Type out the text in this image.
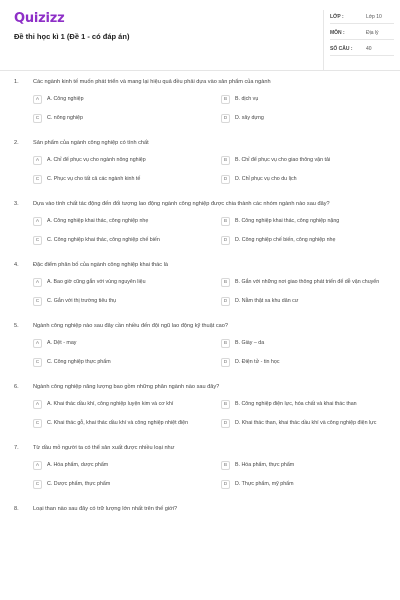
Quizizz
Đề thi học kì 1 (Đề 1 - có đáp án)
LỚP :	Lớp 10
MÔN :	Địa lý
SỐ CÂU :	40
1.	Các ngành kinh tế muốn phát triển và mang lại hiệu quả đều phải dựa vào sản phẩm của ngành
A	A. Công nghiệp	B	B. dịch vụ
C	C. nông nghiệp	D	D. xây dựng
2.	Sản phẩm của ngành công nghiệp có tính chất
A	A. Chỉ để phục vụ cho ngành nông nghiệp	B	B. Chỉ để phục vụ cho giao thông vận tải
C	C. Phục vụ cho tất cả các ngành kinh tế	D	D. Chỉ phục vụ cho du lịch
3.	Dựa vào tính chất tác động đến đối tượng lao động ngành công nghiệp được chia thành các nhóm ngành nào sau đây?
A	A. Công nghiệp khai thác, công nghiệp nhẹ	B	B. Công nghiệp khai thác, công nghiệp nặng
C	C. Công nghiệp khai thác, công nghiệp chế biến	D	D. Công nghiệp chế biến, công nghiệp nhẹ
4.	Đặc điểm phân bố của ngành công nghiệp khai thác là
A	A. Bao giờ cũng gắn với vùng nguyên liệu	B	B. Gắn với những nơi giao thông phát triển để dễ vận chuyển
C	C. Gắn với thị trường tiêu thụ	D	D. Nằm thật xa khu dân cư
5.	Ngành công nghiệp nào sau đây cần nhiều đến đội ngũ lao động kỹ thuật cao?
A	A. Dệt - may	B	B. Giày – da
C	C. Công nghiệp thực phẩm	D	D. Điện tử - tin học
6.	Ngành công nghiệp năng lượng bao gồm những phân ngành nào sau đây?
A	A. Khai thác dầu khí, công nghiệp luyện kim và cơ khí	B	B. Công nghiệp điện lực, hóa chất và khai thác than
C	C. Khai thác gỗ, khai thác dầu khí và công nghiệp nhiệt điện	D	D. Khai thác than, khai thác dầu khí và công nghiệp điện lực
7.	Từ dầu mỏ người ta có thể sản xuất được nhiều loại như
A	A. Hóa phẩm, dược phẩm	B	B. Hóa phẩm, thực phẩm
C	C. Dược phẩm, thực phẩm	D	D. Thực phẩm, mỹ phẩm
8.	Loại than nào sau đây có trữ lượng lớn nhất trên thế giới?
